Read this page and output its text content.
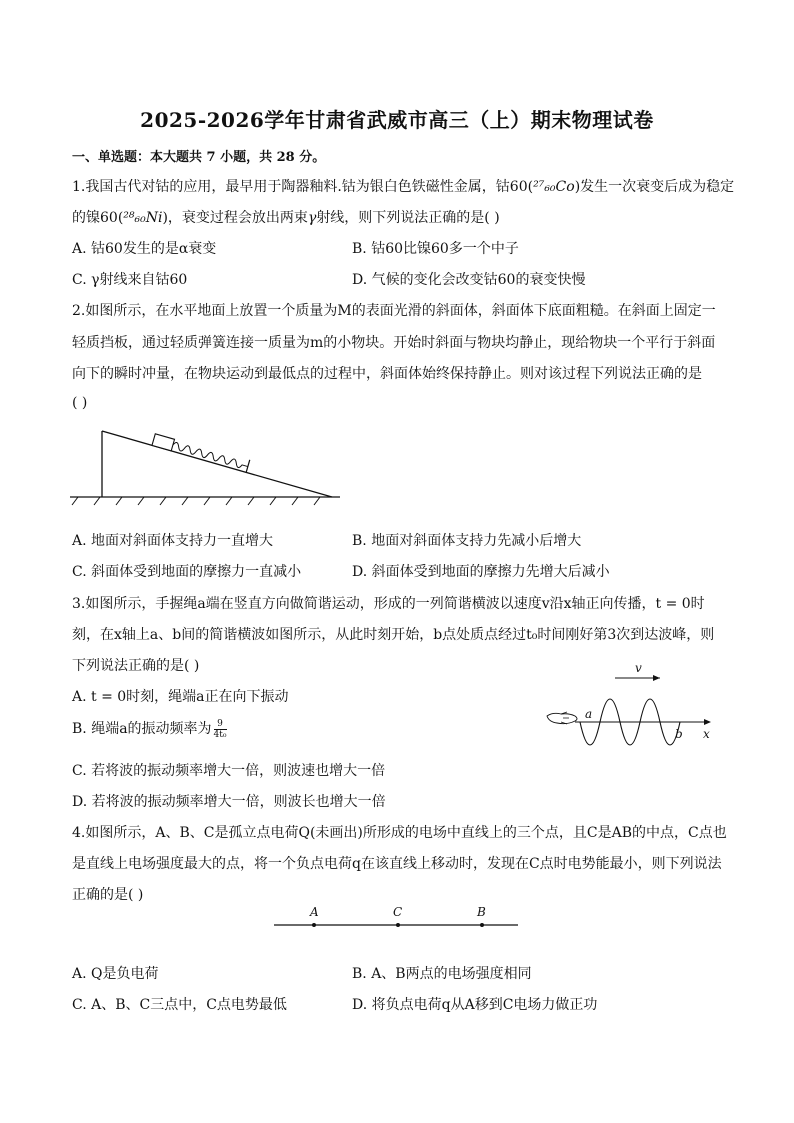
2025-2026学年甘肃省武威市高三（上）期末物理试卷
一、单选题：本大题共 7 小题，共 28 分。
1.我国古代对钴的应用，最早用于陶器釉料.钴为银白色铁磁性金属，钴60(²⁷₆₀Co)发生一次衰变后成为稳定
的镍60(²⁸₆₀Ni)，衰变过程会放出两束γ射线，则下列说法正确的是( )
A. 钴60发生的是α衰变	B. 钴60比镍60多一个中子
C. γ射线来自钴60	D. 气候的变化会改变钴60的衰变快慢
2.如图所示，在水平地面上放置一个质量为M的表面光滑的斜面体，斜面体下底面粗糙。在斜面上固定一
轻质挡板，通过轻质弹簧连接一质量为m的小物块。开始时斜面与物块均静止，现给物块一个平行于斜面
向下的瞬时冲量，在物块运动到最低点的过程中，斜面体始终保持静止。则对该过程下列说法正确的是
( )
A. 地面对斜面体支持力一直增大	B. 地面对斜面体支持力先减小后增大
C. 斜面体受到地面的摩擦力一直减小	D. 斜面体受到地面的摩擦力先增大后减小
3.如图所示，手握绳a端在竖直方向做简谐运动，形成的一列简谐横波以速度v沿x轴正向传播，t = 0时
刻，在x轴上a、b间的简谐横波如图所示，从此时刻开始，b点处质点经过t₀时间刚好第3次到达波峰，则
下列说法正确的是( )
A. t = 0时刻，绳端a正在向下振动
B. 绳端a的振动频率为 $\frac{9}{\text{4t₀}}$
C. 若将波的振动频率增大一倍，则波速也增大一倍
D. 若将波的振动频率增大一倍，则波长也增大一倍
v
a
b x
4.如图所示，A、B、C是孤立点电荷Q(未画出)所形成的电场中直线上的三个点，且C是AB的中点，C点也
是直线上电场强度最大的点，将一个负点电荷q在该直线上移动时，发现在C点时电势能最小，则下列说法
正确的是( )
A	C	B
A. Q是负电荷	B. A、B两点的电场强度相同
C. A、B、C三点中，C点电势最低	D. 将负点电荷q从A移到C电场力做正功
